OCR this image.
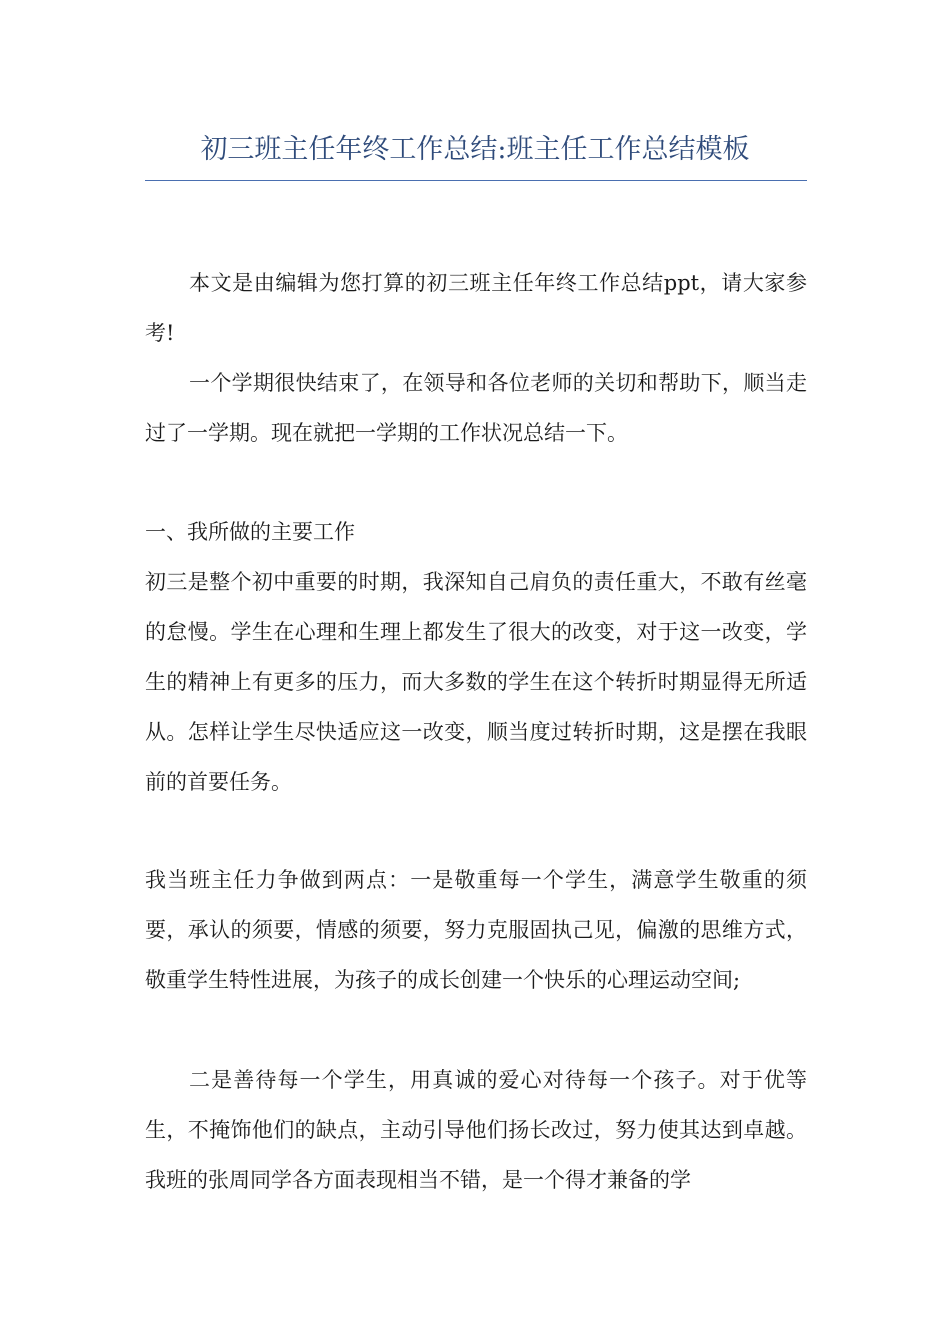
初三班主任年终工作总结:班主任工作总结模板

本文是由编辑为您打算的初三班主任年终工作总结ppt，请大家参考!

一个学期很快结束了，在领导和各位老师的关切和帮助下，顺当走过了一学期。现在就把一学期的工作状况总结一下。

一、我所做的主要工作

初三是整个初中重要的时期，我深知自己肩负的责任重大，不敢有丝毫的怠慢。学生在心理和生理上都发生了很大的改变，对于这一改变，学生的精神上有更多的压力，而大多数的学生在这个转折时期显得无所适从。怎样让学生尽快适应这一改变，顺当度过转折时期，这是摆在我眼前的首要任务。

我当班主任力争做到两点：一是敬重每一个学生，满意学生敬重的须要，承认的须要，情感的须要，努力克服固执己见，偏激的思维方式，敬重学生特性进展，为孩子的成长创建一个快乐的心理运动空间;

二是善待每一个学生，用真诚的爱心对待每一个孩子。对于优等生，不掩饰他们的缺点，主动引导他们扬长改过，努力使其达到卓越。我班的张周同学各方面表现相当不错，是一个得才兼备的学
